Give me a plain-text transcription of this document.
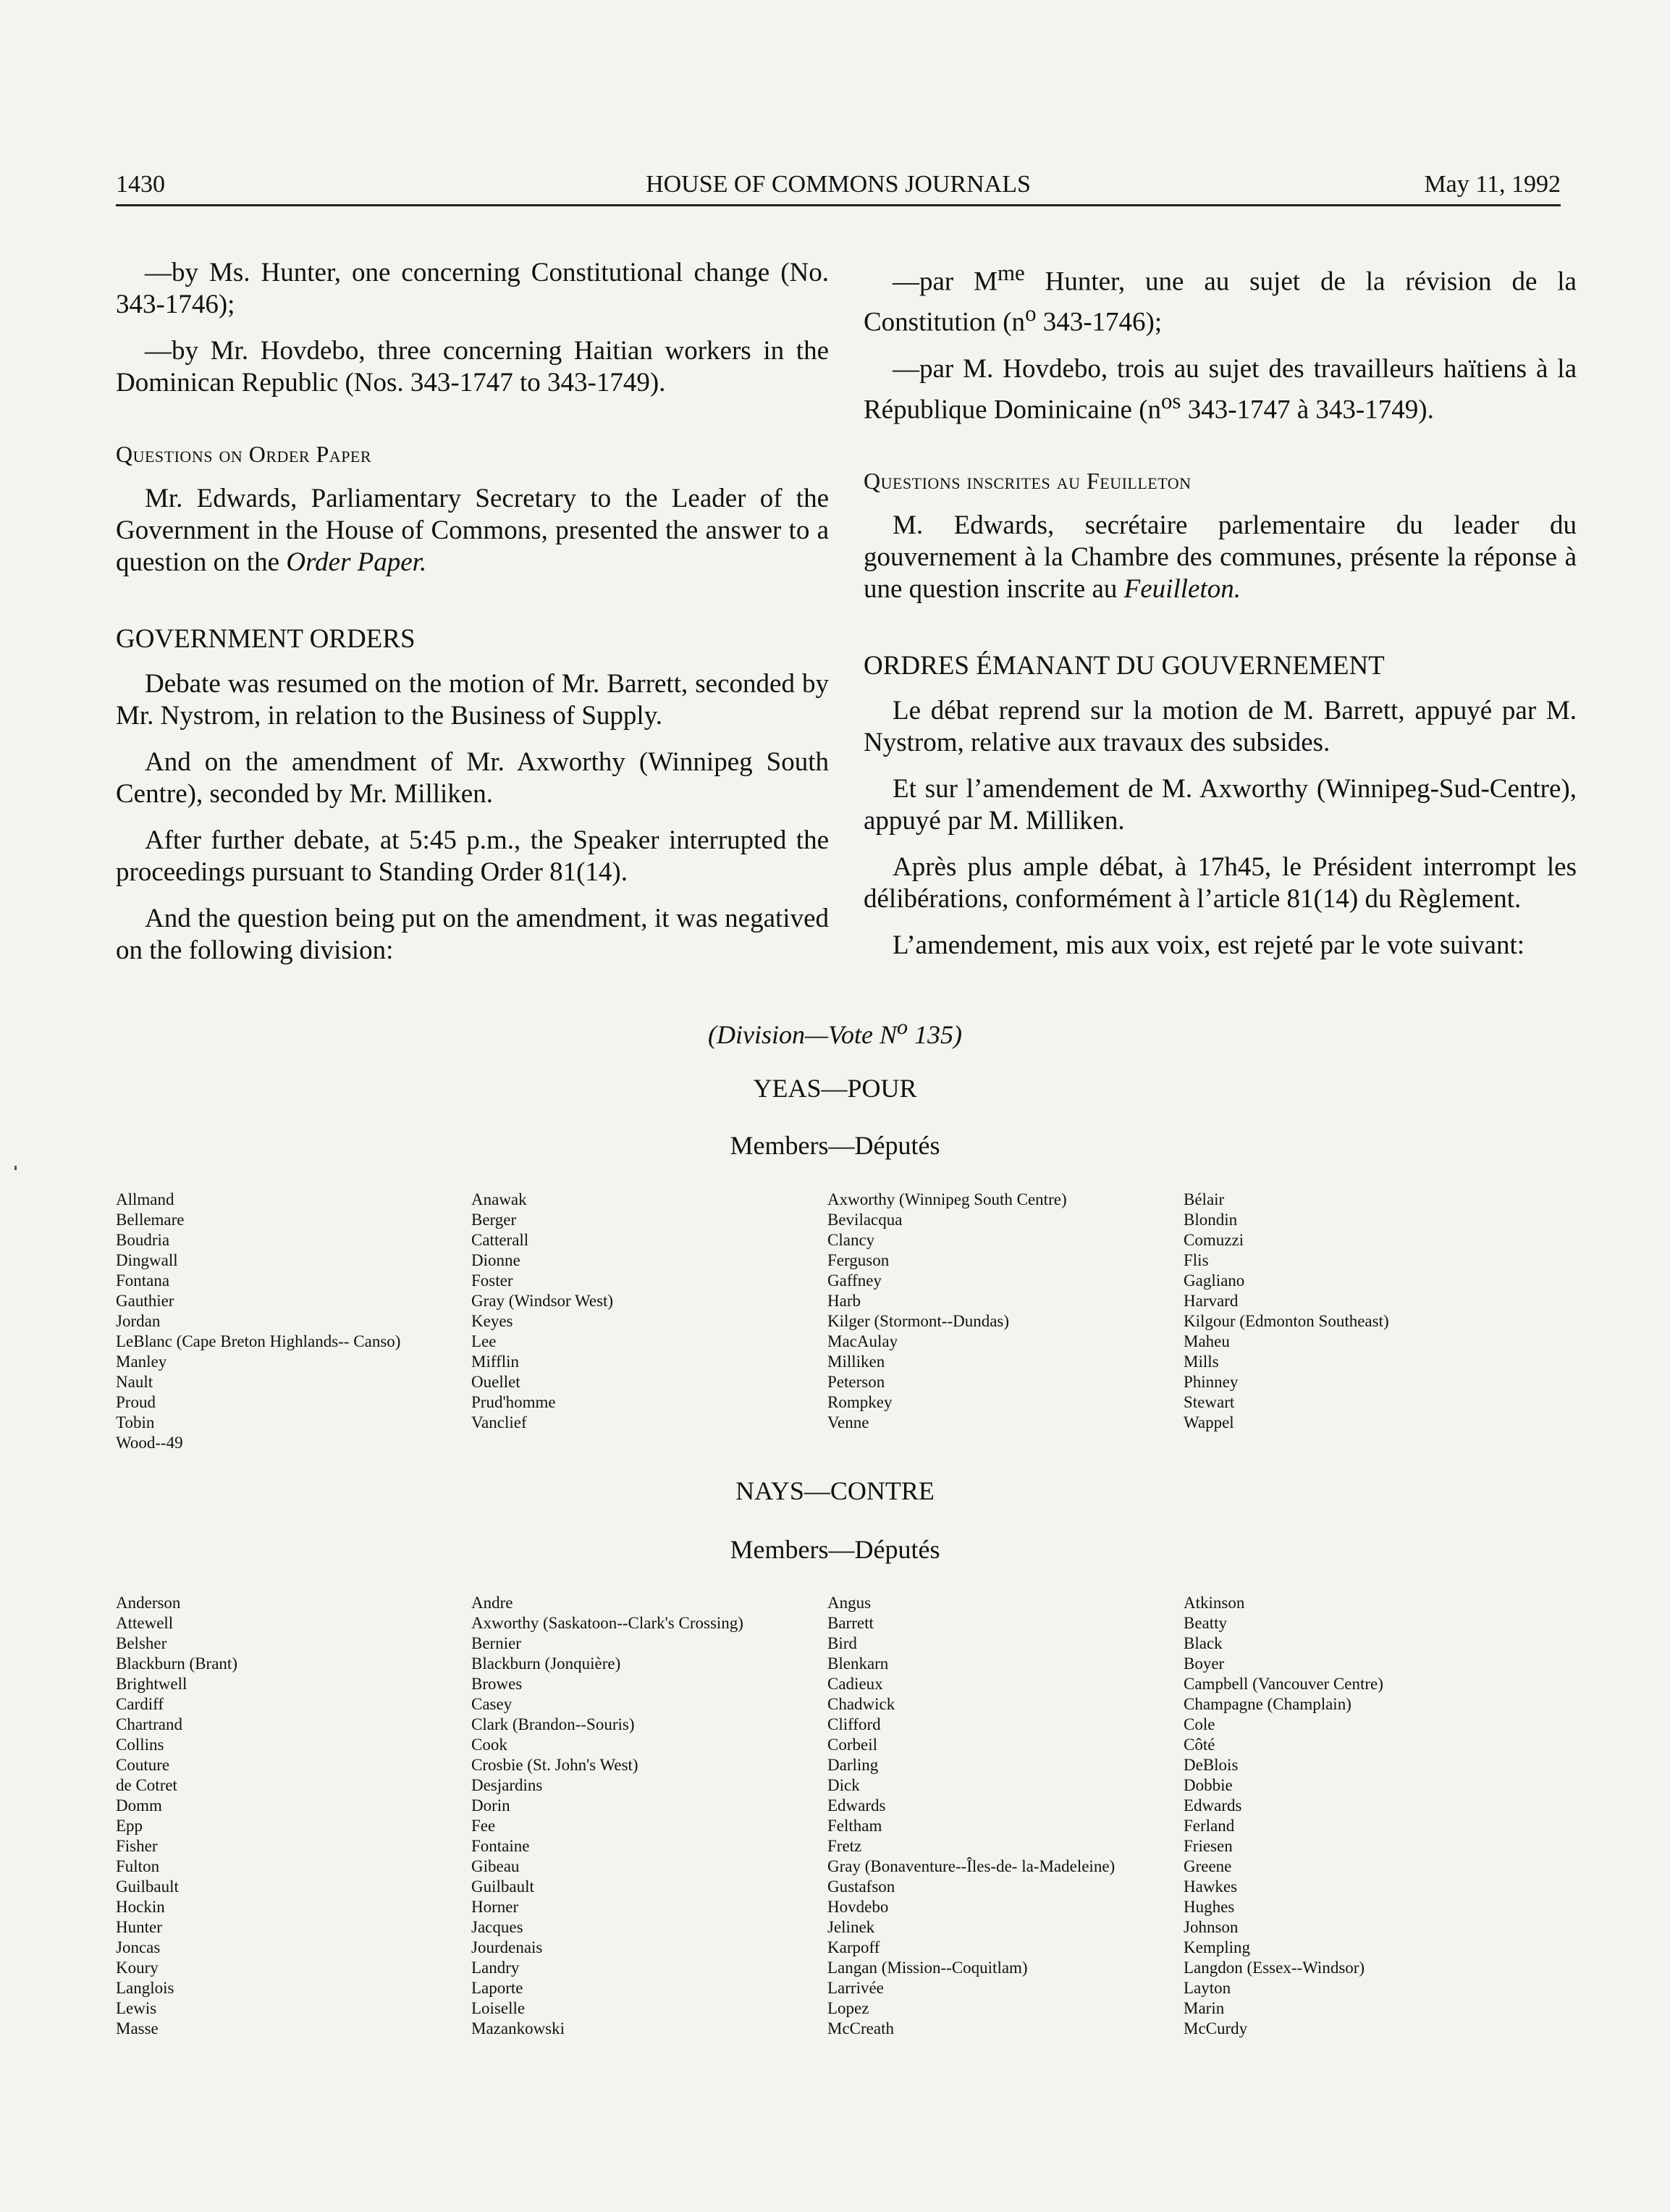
1430	HOUSE OF COMMONS JOURNALS	May 11, 1992

—by Ms. Hunter, one concerning Constitutional change (No. 343-1746);

—by Mr. Hovdebo, three concerning Haitian workers in the Dominican Republic (Nos. 343-1747 to 343-1749).

Questions on Order Paper

Mr. Edwards, Parliamentary Secretary to the Leader of the Government in the House of Commons, presented the answer to a question on the Order Paper.

GOVERNMENT ORDERS

Debate was resumed on the motion of Mr. Barrett, seconded by Mr. Nystrom, in relation to the Business of Supply.

And on the amendment of Mr. Axworthy (Winnipeg South Centre), seconded by Mr. Milliken.

After further debate, at 5:45 p.m., the Speaker interrupted the proceedings pursuant to Standing Order 81(14).

And the question being put on the amendment, it was negatived on the following division:

—par $M^{me}$ Hunter, une au sujet de la révision de la Constitution ($n^o$ 343-1746);

—par M. Hovdebo, trois au sujet des travailleurs haïtiens à la République Dominicaine ($n^{os}$ 343-1747 à 343-1749).

Questions inscrites au Feuilleton

M. Edwards, secrétaire parlementaire du leader du gouvernement à la Chambre des communes, présente la réponse à une question inscrite au Feuilleton.

ORDRES ÉMANANT DU GOUVERNEMENT

Le débat reprend sur la motion de M. Barrett, appuyé par M. Nystrom, relative aux travaux des subsides.

Et sur l’amendement de M. Axworthy (Winnipeg-Sud-Centre), appuyé par M. Milliken.

Après plus ample débat, à 17h45, le Président interrompt les délibérations, conformément à l’article 81(14) du Règlement.

L’amendement, mis aux voix, est rejeté par le vote suivant:

(Division—Vote $N^o$ 135)
YEAS—POUR
Members—Députés
Allmand
Bellemare
Boudria
Dingwall
Fontana
Gauthier
Jordan
LeBlanc (Cape Breton Highlands-- Canso)
Manley
Nault
Proud
Tobin
Wood--49
Anawak
Berger
Catterall
Dionne
Foster
Gray (Windsor West)
Keyes
Lee
Mifflin
Ouellet
Prud'homme
Vanclief
Axworthy (Winnipeg South Centre)
Bevilacqua
Clancy
Ferguson
Gaffney
Harb
Kilger (Stormont--Dundas)
MacAulay
Milliken
Peterson
Rompkey
Venne
Bélair
Blondin
Comuzzi
Flis
Gagliano
Harvard
Kilgour (Edmonton Southeast)
Maheu
Mills
Phinney
Stewart
Wappel
NAYS—CONTRE
Members—Députés
Anderson
Attewell
Belsher
Blackburn (Brant)
Brightwell
Cardiff
Chartrand
Collins
Couture
de Cotret
Domm
Epp
Fisher
Fulton
Guilbault
Hockin
Hunter
Joncas
Koury
Langlois
Lewis
Masse
Andre
Axworthy (Saskatoon--Clark's Crossing)
Bernier
Blackburn (Jonquière)
Browes
Casey
Clark (Brandon--Souris)
Cook
Crosbie (St. John's West)
Desjardins
Dorin
Fee
Fontaine
Gibeau
Guilbault
Horner
Jacques
Jourdenais
Landry
Laporte
Loiselle
Mazankowski
Angus
Barrett
Bird
Blenkarn
Cadieux
Chadwick
Clifford
Corbeil
Darling
Dick
Edwards
Feltham
Fretz
Gray (Bonaventure--Îles-de- la-Madeleine)
Gustafson
Hovdebo
Jelinek
Karpoff
Langan (Mission--Coquitlam)
Larrivée
Lopez
McCreath
Atkinson
Beatty
Black
Boyer
Campbell (Vancouver Centre)
Champagne (Champlain)
Cole
Côté
DeBlois
Dobbie
Edwards
Ferland
Friesen
Greene
Hawkes
Hughes
Johnson
Kempling
Langdon (Essex--Windsor)
Layton
Marin
McCurdy
